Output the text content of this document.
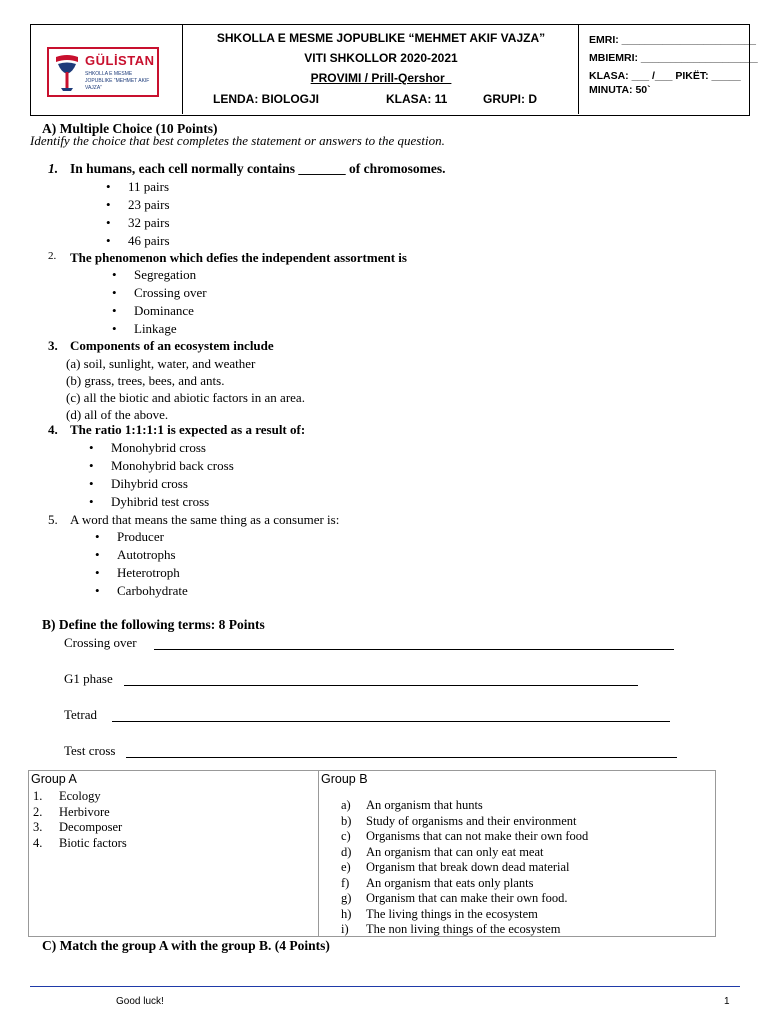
GÜLİSTAN
SHKOLLA E MESME JOPUBLIKE “MEHMET AKIF VAJZA”
SHKOLLA E MESME JOPUBLIKE “MEHMET AKIF VAJZA”
VITI SHKOLLOR 2020-2021
PROVIMI / Prill-Qershor_
LENDA: BIOLOGJI	KLASA: 11	GRUPI: D
EMRI: _______________________
MBIEMRI: ____________________
KLASA: ___ /___ PIKËT: _____
MINUTA: 50`
A) Multiple Choice (10 Points)
Identify the choice that best completes the statement or answers to the question.
1. In humans, each cell normally contains _______ of chromosomes.
• 11 pairs
• 23 pairs
• 32 pairs
• 46 pairs
2. The phenomenon which defies the independent assortment is
• Segregation
• Crossing over
• Dominance
• Linkage
3. Components of an ecosystem include
(a) soil, sunlight, water, and weather
(b) grass, trees, bees, and ants.
(c) all the biotic and abiotic factors in an area.
(d) all of the above.
4. The ratio 1:1:1:1 is expected as a result of:
• Monohybrid cross
• Monohybrid back cross
• Dihybrid cross
• Dyhibrid test cross
5. A word that means the same thing as a consumer is:
• Producer
• Autotrophs
• Heterotroph
• Carbohydrate
B) Define the following terms: 8 Points
Crossing over
G1 phase
Tetrad
Test cross
Group A
1. Ecology
2. Herbivore
3. Decomposer
4. Biotic factors
Group B
a) An organism that hunts
b) Study of organisms and their environment
c) Organisms that can not make their own food
d) An organism that can only eat meat
e) Organism that break down dead material
f) An organism that eats only plants
g) Organism that can make their own food.
h) The living things in the ecosystem
i) The non living things of the ecosystem
C) Match the group A with the group B. (4 Points)
Good luck!	1
